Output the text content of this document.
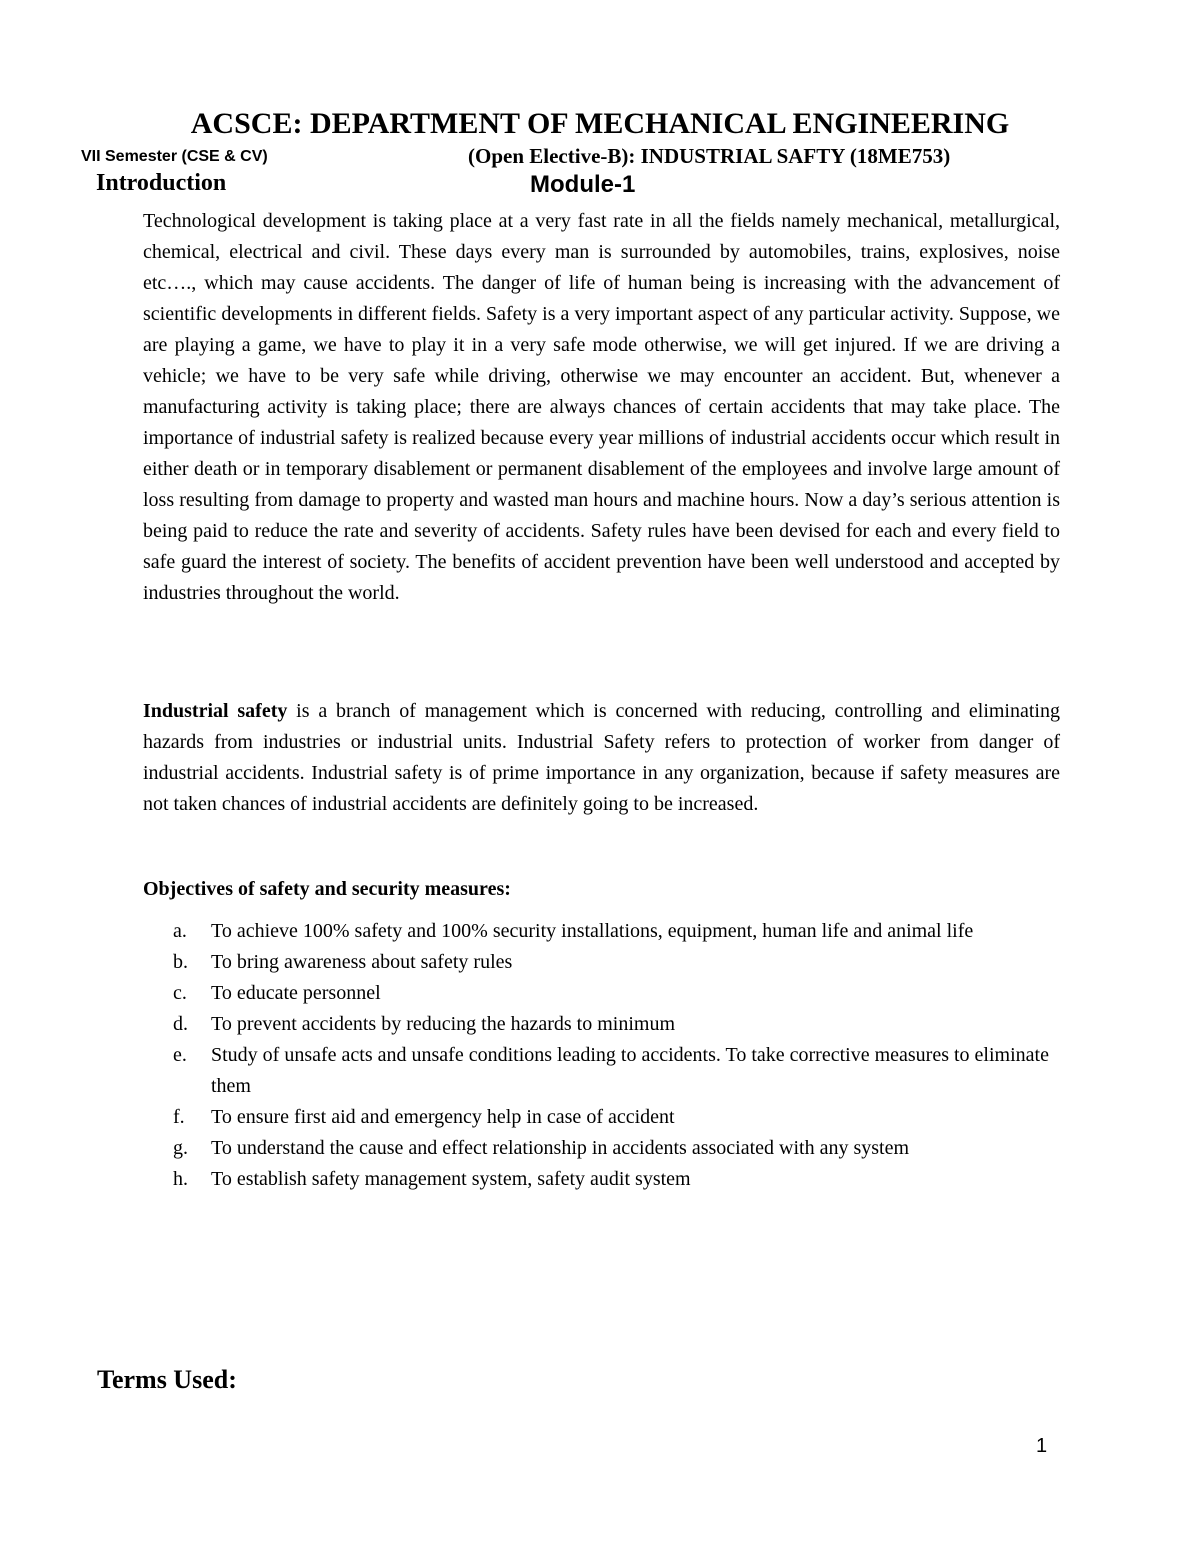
ACSCE: DEPARTMENT OF MECHANICAL ENGINEERING
VII Semester (CSE & CV)	(Open Elective-B): INDUSTRIAL SAFTY (18ME753)
Introduction	Module-1

Technological development is taking place at a very fast rate in all the fields namely mechanical, metallurgical, chemical, electrical and civil. These days every man is surrounded by automobiles, trains, explosives, noise etc…., which may cause accidents. The danger of life of human being is increasing with the advancement of scientific developments in different fields. Safety is a very important aspect of any particular activity. Suppose, we are playing a game, we have to play it in a very safe mode otherwise, we will get injured. If we are driving a vehicle; we have to be very safe while driving, otherwise we may encounter an accident. But, whenever a manufacturing activity is taking place; there are always chances of certain accidents that may take place. The importance of industrial safety is realized because every year millions of industrial accidents occur which result in either death or in temporary disablement or permanent disablement of the employees and involve large amount of loss resulting from damage to property and wasted man hours and machine hours. Now a day’s serious attention is being paid to reduce the rate and severity of accidents. Safety rules have been devised for each and every field to safe guard the interest of society. The benefits of accident prevention have been well understood and accepted by industries throughout the world.

Industrial safety is a branch of management which is concerned with reducing, controlling and eliminating hazards from industries or industrial units. Industrial Safety refers to protection of worker from danger of industrial accidents. Industrial safety is of prime importance in any organization, because if safety measures are not taken chances of industrial accidents are definitely going to be increased.

Objectives of safety and security measures:
a.	To achieve 100% safety and 100% security installations, equipment, human life and animal life
b.	To bring awareness about safety rules
c.	To educate personnel
d.	To prevent accidents by reducing the hazards to minimum
e.	Study of unsafe acts and unsafe conditions leading to accidents. To take corrective measures to eliminate them
f.	To ensure first aid and emergency help in case of accident
g.	To understand the cause and effect relationship in accidents associated with any system
h.	To establish safety management system, safety audit system
Terms Used:
1
